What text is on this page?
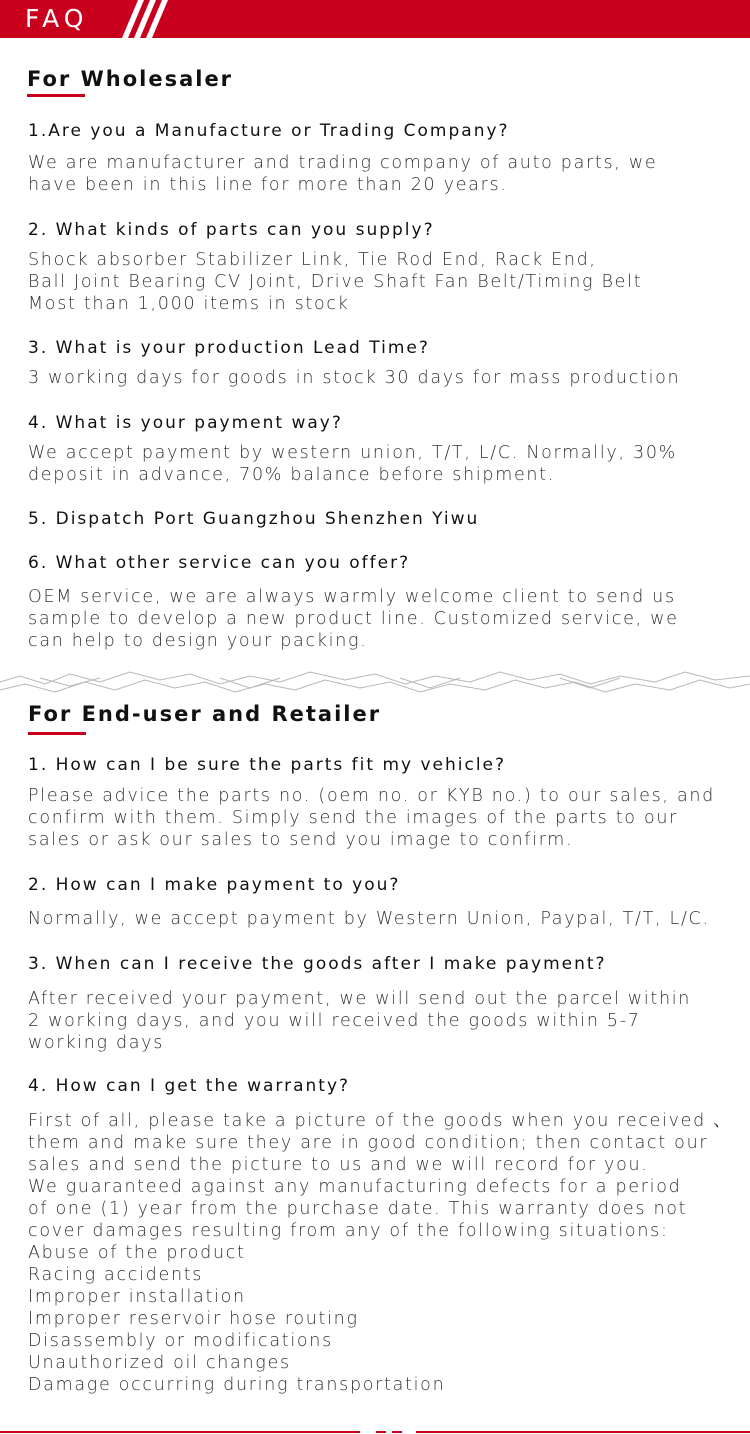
FAQ
For Wholesaler
1.Are you a Manufacture or Trading Company?
We are manufacturer and trading company of auto parts, we
have been in this line for more than 20 years.
2. What kinds of parts can you supply?
Shock absorber Stabilizer Link, Tie Rod End, Rack End,
Ball Joint Bearing CV Joint, Drive Shaft Fan Belt/Timing Belt
Most than 1,000 items in stock
3. What is your production Lead Time?
3 working days for goods in stock 30 days for mass production
4. What is your payment way?
We accept payment by western union, T/T, L/C. Normally, 30%
deposit in advance, 70% balance before shipment.
5. Dispatch Port Guangzhou Shenzhen Yiwu
6. What other service can you offer?
OEM service, we are always warmly welcome client to send us
sample to develop a new product line. Customized service, we
can help to design your packing.
For End-user and Retailer
1. How can I be sure the parts fit my vehicle?
Please advice the parts no. (oem no. or KYB no.) to our sales, and
confirm with them. Simply send the images of the parts to our
sales or ask our sales to send you image to confirm.
2. How can I make payment to you?
Normally, we accept payment by Western Union, Paypal, T/T, L/C.
3. When can I receive the goods after I make payment?
After received your payment, we will send out the parcel within
2 working days, and you will received the goods within 5-7
working days
4. How can I get the warranty?
First of all, please take a picture of the goods when you received 、
them and make sure they are in good condition; then contact our
sales and send the picture to us and we will record for you.
We guaranteed against any manufacturing defects for a period
of one (1) year from the purchase date. This warranty does not
cover damages resulting from any of the following situations:
Abuse of the product
Racing accidents
Improper installation
Improper reservoir hose routing
Disassembly or modifications
Unauthorized oil changes
Damage occurring during transportation
